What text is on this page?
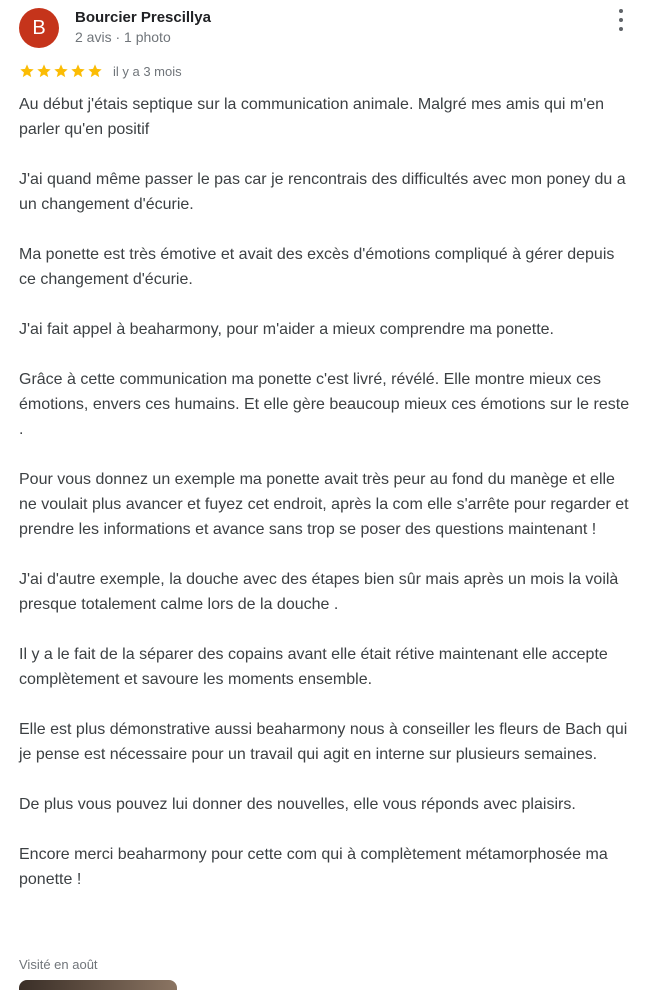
B	Bourcier Prescillya
2 avis · 1 photo
il y a 3 mois

Au début j'étais septique sur la communication animale. Malgré mes amis qui m'en parler qu'en positif

J'ai quand même passer le pas car je rencontrais des difficultés avec mon poney du a un changement d'écurie.

Ma ponette est très émotive et avait des excès d'émotions compliqué à gérer depuis ce changement d'écurie.

J'ai fait appel à beaharmony, pour m'aider a mieux comprendre ma ponette.

Grâce à cette communication ma ponette c'est livré, révélé. Elle montre mieux ces émotions, envers ces humains. Et elle gère beaucoup mieux ces émotions sur le reste .

Pour vous donnez un exemple ma ponette avait très peur au fond du manège et elle ne voulait plus avancer et fuyez cet endroit, après la com elle s'arrête pour regarder et prendre les informations et avance sans trop se poser des questions maintenant !

J'ai d'autre exemple, la douche avec des étapes bien sûr mais après un mois la voilà presque totalement calme lors de la douche .

Il y a le fait de la séparer des copains avant elle était rétive maintenant elle accepte complètement et savoure les moments ensemble.

Elle est plus démonstrative aussi beaharmony nous à conseiller les fleurs de Bach qui je pense est nécessaire pour un travail qui agit en interne sur plusieurs semaines.

De plus vous pouvez lui donner des nouvelles, elle vous réponds avec plaisirs.

Encore merci beaharmony pour cette com qui à complètement métamorphosée ma ponette !

Visité en août
